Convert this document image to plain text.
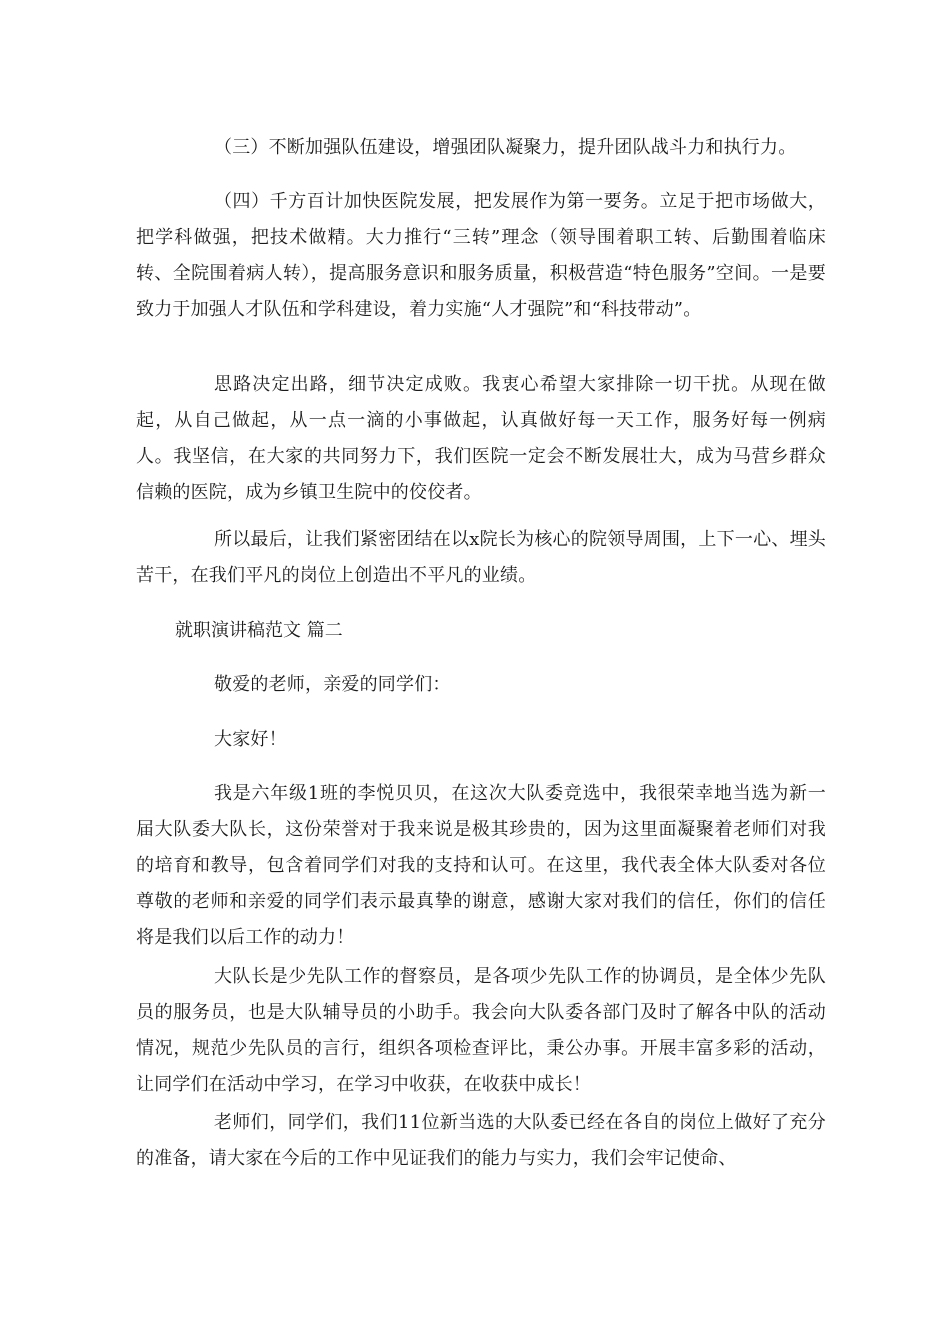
（三）不断加强队伍建设，增强团队凝聚力，提升团队战斗力和执行力。

（四）千方百计加快医院发展，把发展作为第一要务。立足于把市场做大，把学科做强，把技术做精。大力推行“三转”理念（领导围着职工转、后勤围着临床转、全院围着病人转），提高服务意识和服务质量，积极营造“特色服务”空间。一是要致力于加强人才队伍和学科建设，着力实施“人才强院”和“科技带动”。

思路决定出路，细节决定成败。我衷心希望大家排除一切干扰。从现在做起，从自己做起，从一点一滴的小事做起，认真做好每一天工作，服务好每一例病人。我坚信，在大家的共同努力下，我们医院一定会不断发展壮大，成为马营乡群众信赖的医院，成为乡镇卫生院中的佼佼者。

所以最后，让我们紧密团结在以x院长为核心的院领导周围，上下一心、埋头苦干，在我们平凡的岗位上创造出不平凡的业绩。

就职演讲稿范文 篇二

敬爱的老师，亲爱的同学们：

大家好！

我是六年级1班的李悦贝贝，在这次大队委竞选中，我很荣幸地当选为新一届大队委大队长，这份荣誉对于我来说是极其珍贵的，因为这里面凝聚着老师们对我的培育和教导，包含着同学们对我的支持和认可。在这里，我代表全体大队委对各位尊敬的老师和亲爱的同学们表示最真挚的谢意，感谢大家对我们的信任，你们的信任将是我们以后工作的动力！

大队长是少先队工作的督察员，是各项少先队工作的协调员，是全体少先队员的服务员，也是大队辅导员的小助手。我会向大队委各部门及时了解各中队的活动情况，规范少先队员的言行，组织各项检查评比，秉公办事。开展丰富多彩的活动，让同学们在活动中学习，在学习中收获，在收获中成长！

老师们，同学们，我们11位新当选的大队委已经在各自的岗位上做好了充分的准备，请大家在今后的工作中见证我们的能力与实力，我们会牢记使命、
